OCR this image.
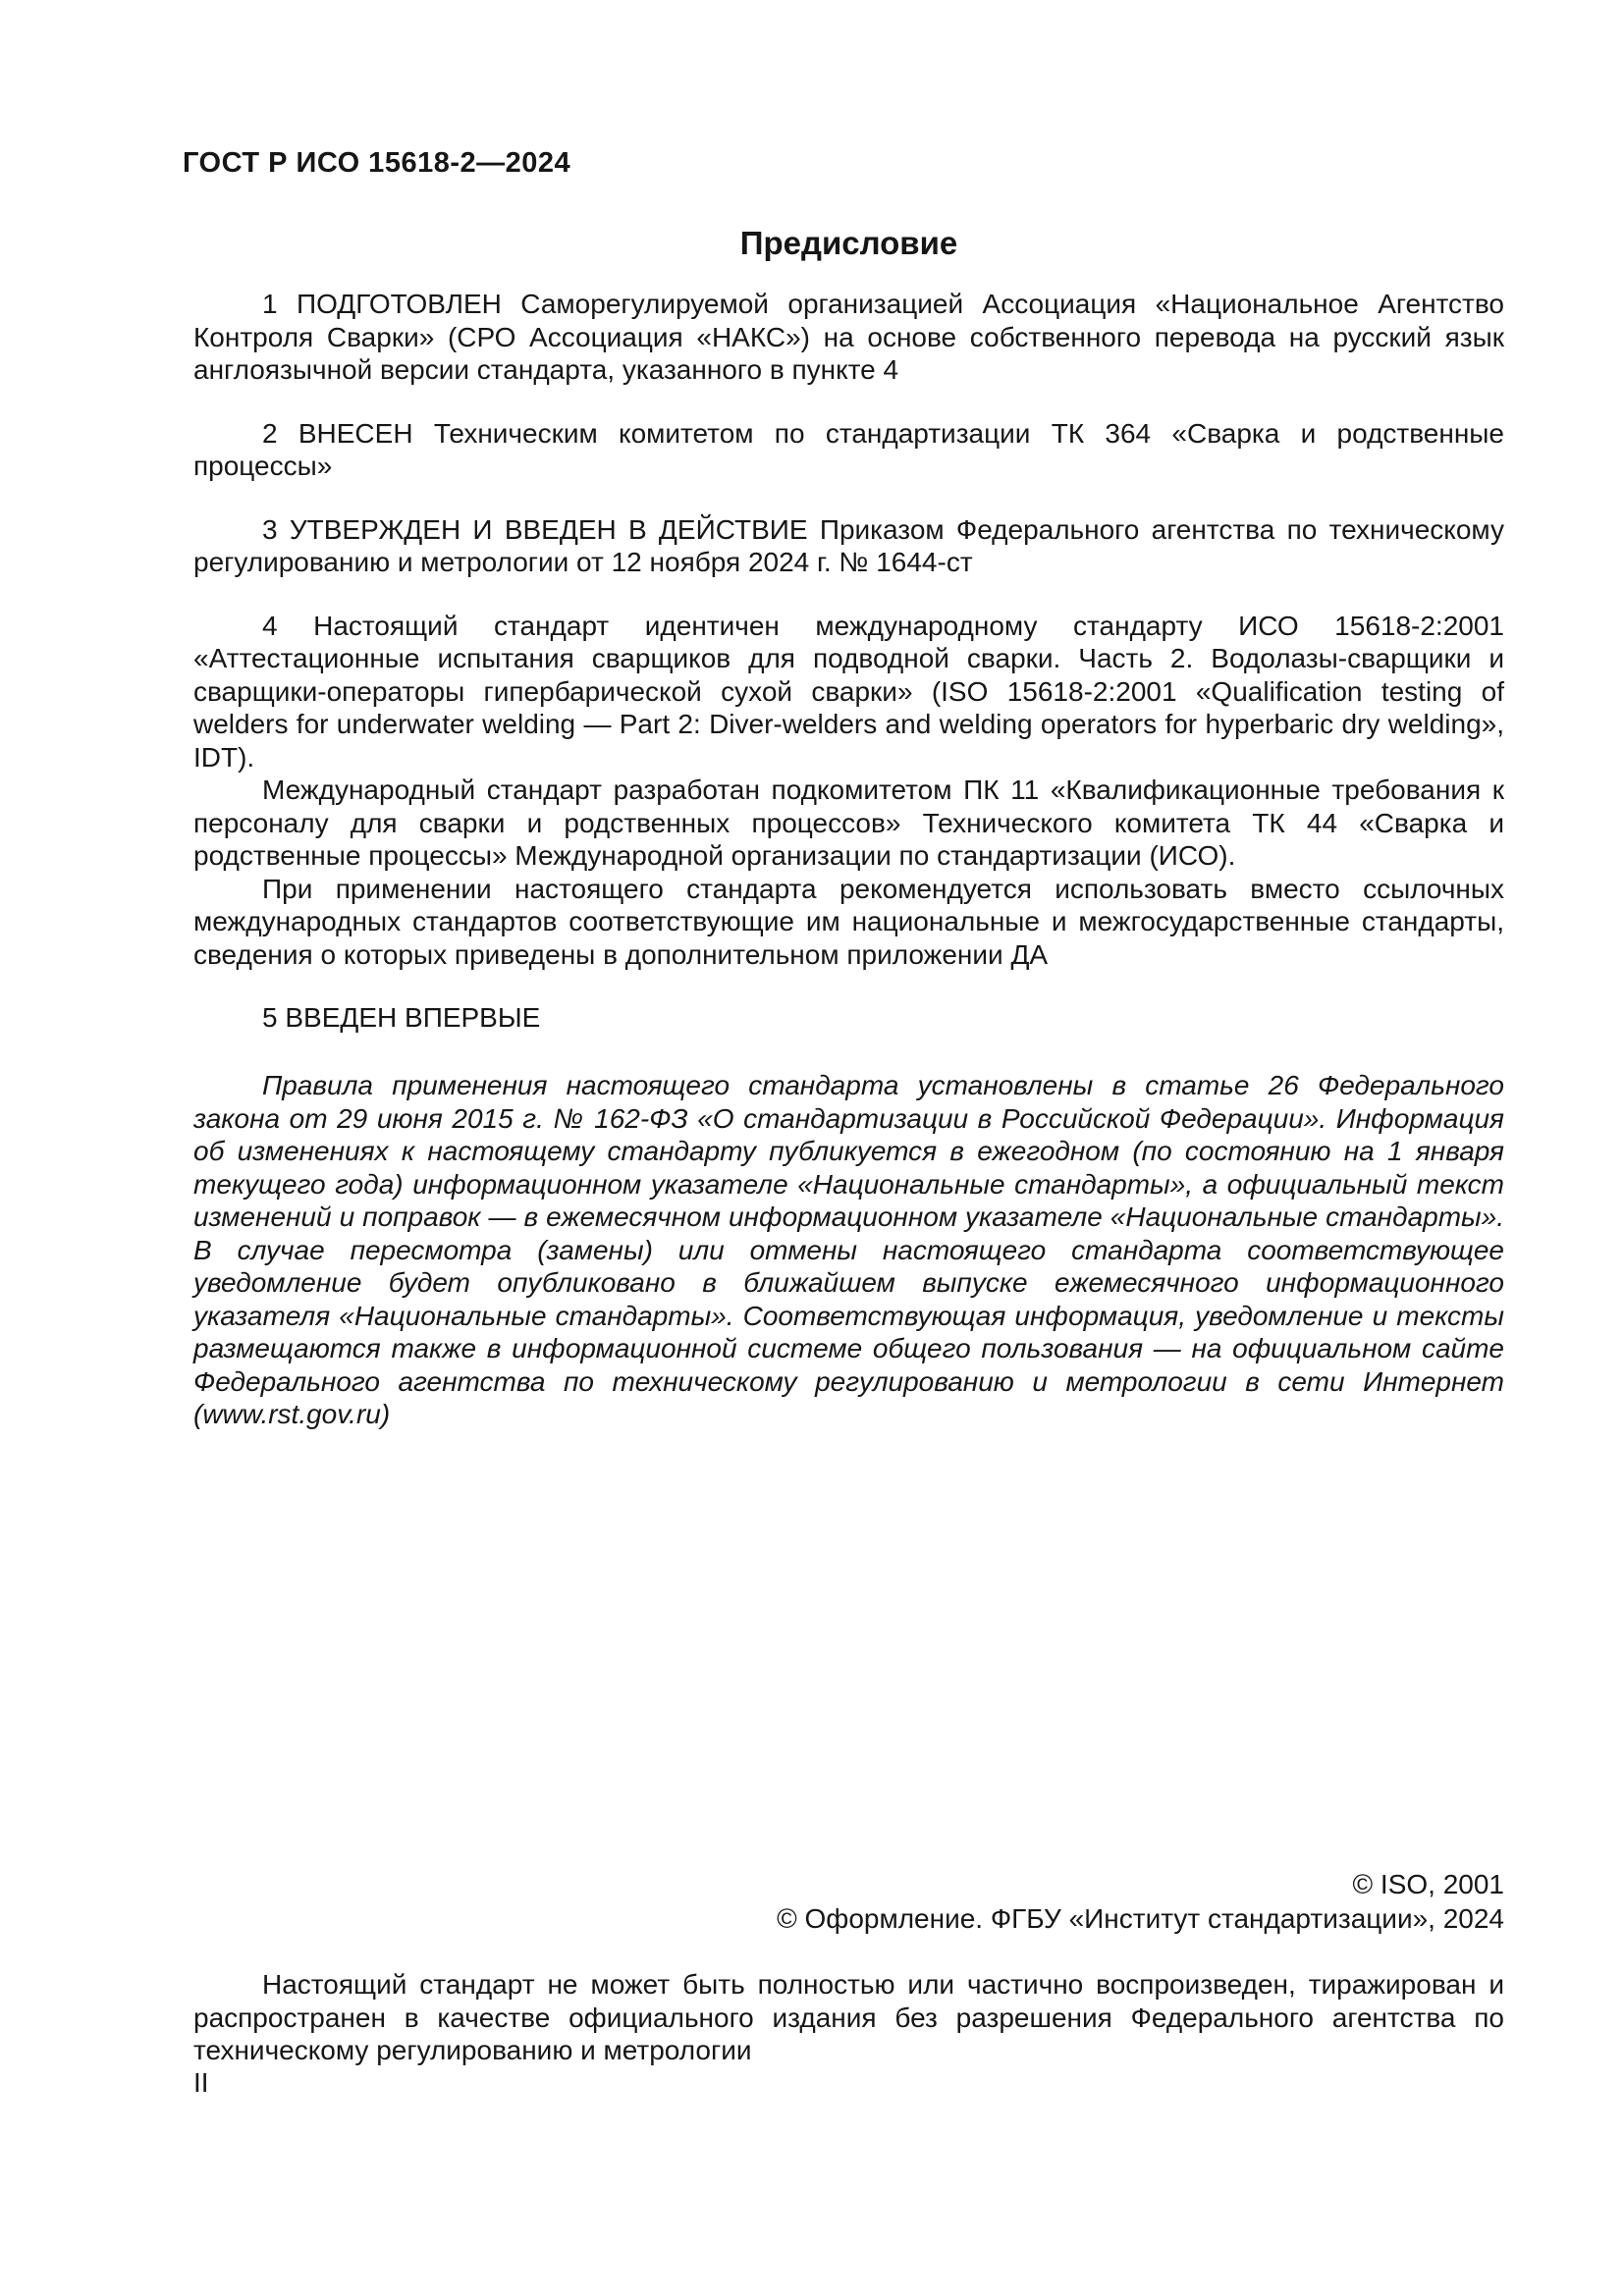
ГОСТ Р ИСО 15618-2—2024
Предисловие

1 ПОДГОТОВЛЕН Саморегулируемой организацией Ассоциация «Национальное Агентство Контроля Сварки» (СРО Ассоциация «НАКС») на основе собственного перевода на русский язык англоязычной версии стандарта, указанного в пункте 4

2 ВНЕСЕН Техническим комитетом по стандартизации ТК 364 «Сварка и родственные процессы»

3 УТВЕРЖДЕН И ВВЕДЕН В ДЕЙСТВИЕ Приказом Федерального агентства по техническому регулированию и метрологии от 12 ноября 2024 г. № 1644-ст

4 Настоящий стандарт идентичен международному стандарту ИСО 15618-2:2001 «Аттестационные испытания сварщиков для подводной сварки. Часть 2. Водолазы-сварщики и сварщики-операторы гипербарической сухой сварки» (ISO 15618-2:2001 «Qualification testing of welders for underwater welding — Part 2: Diver-welders and welding operators for hyperbaric dry welding», IDT).

Международный стандарт разработан подкомитетом ПК 11 «Квалификационные требования к персоналу для сварки и родственных процессов» Технического комитета ТК 44 «Сварка и родственные процессы» Международной организации по стандартизации (ИСО).

При применении настоящего стандарта рекомендуется использовать вместо ссылочных международных стандартов соответствующие им национальные и межгосударственные стандарты, сведения о которых приведены в дополнительном приложении ДА

5 ВВЕДЕН ВПЕРВЫЕ

Правила применения настоящего стандарта установлены в статье 26 Федерального закона от 29 июня 2015 г. № 162-ФЗ «О стандартизации в Российской Федерации». Информация об изменениях к настоящему стандарту публикуется в ежегодном (по состоянию на 1 января текущего года) информационном указателе «Национальные стандарты», а официальный текст изменений и поправок — в ежемесячном информационном указателе «Национальные стандарты». В случае пересмотра (замены) или отмены настоящего стандарта соответствующее уведомление будет опубликовано в ближайшем выпуске ежемесячного информационного указателя «Национальные стандарты». Соответствующая информация, уведомление и тексты размещаются также в информационной системе общего пользования — на официальном сайте Федерального агентства по техническому регулированию и метрологии в сети Интернет (www.rst.gov.ru)

© ISO, 2001
© Оформление. ФГБУ «Институт стандартизации», 2024

Настоящий стандарт не может быть полностью или частично воспроизведен, тиражирован и распространен в качестве официального издания без разрешения Федерального агентства по техническому регулированию и метрологии

II
